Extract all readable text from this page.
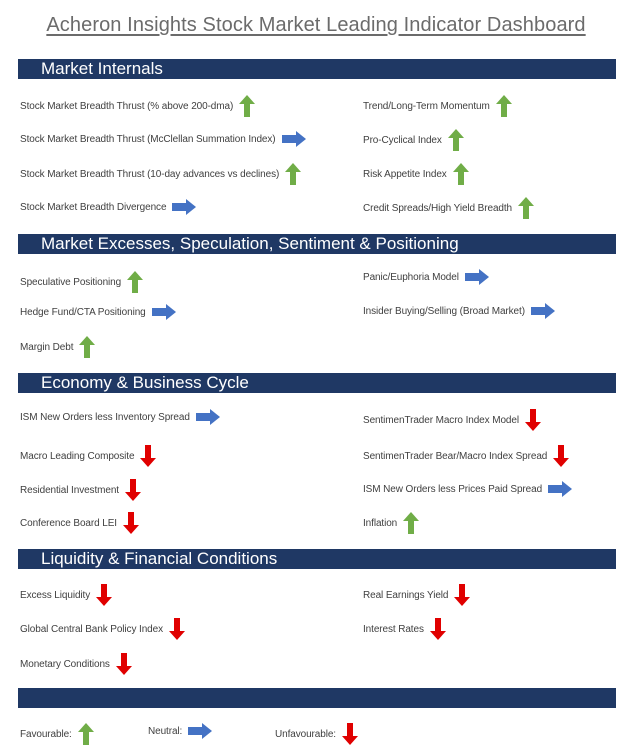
Acheron Insights Stock Market Leading Indicator Dashboard
Market Internals
Market Excesses, Speculation, Sentiment & Positioning
Economy & Business Cycle
Liquidity & Financial Conditions
Stock Market Breadth Thrust (% above 200-dma)
Stock Market Breadth Thrust (McClellan Summation Index)
Stock Market Breadth Thrust (10-day advances vs declines)
Stock Market Breadth Divergence
Trend/Long-Term Momentum
Pro-Cyclical Index
Risk Appetite Index
Credit Spreads/High Yield Breadth
Speculative Positioning
Hedge Fund/CTA Positioning
Margin Debt
Panic/Euphoria Model
Insider Buying/Selling (Broad Market)
ISM New Orders less Inventory Spread
Macro Leading Composite
Residential Investment
Conference Board LEI
SentimenTrader Macro Index Model
SentimenTrader Bear/Macro Index Spread
ISM New Orders less Prices Paid Spread
Inflation
Excess Liquidity
Global Central Bank Policy Index
Monetary Conditions
Real Earnings Yield
Interest Rates
Favourable:	Neutral:	Unfavourable:
